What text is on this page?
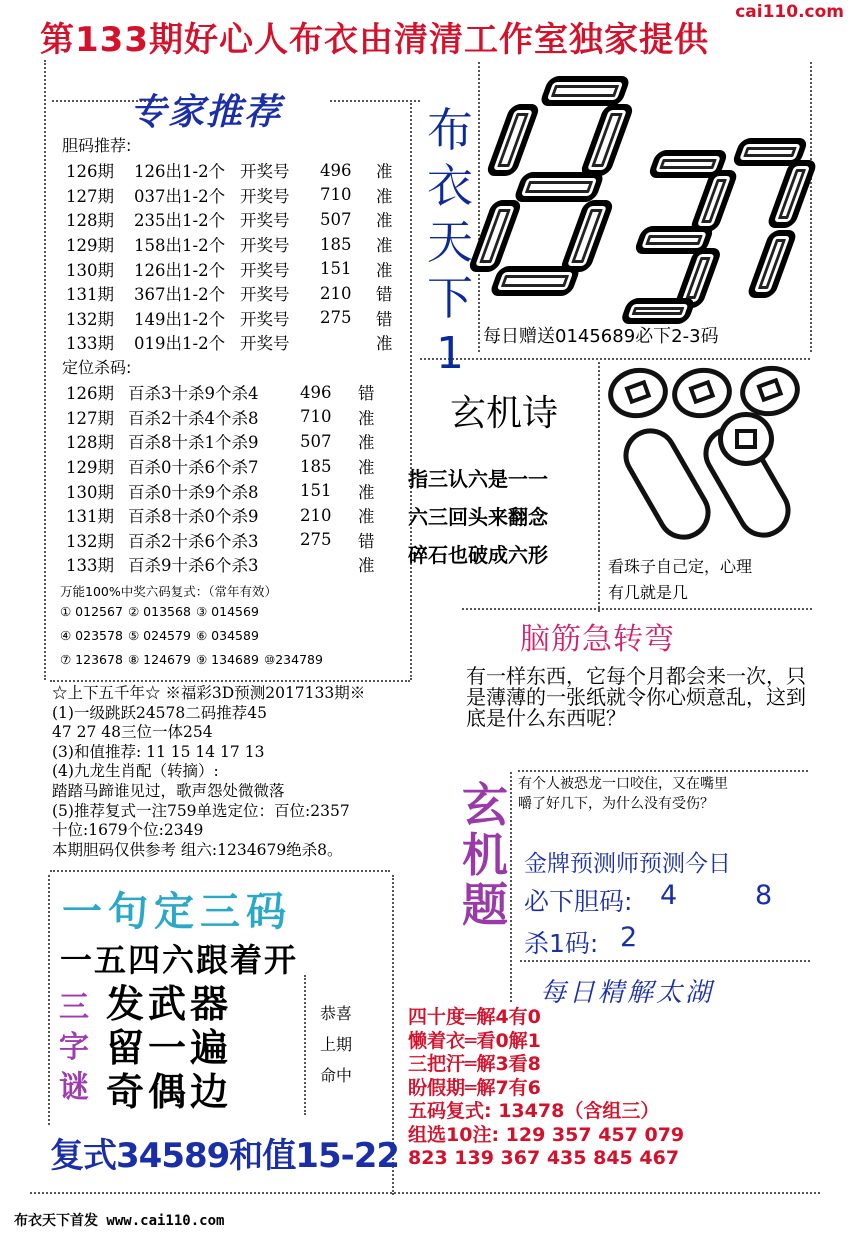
cai110.com
第133期好心人布衣由清清工作室独家提供
专家推荐
胆码推荐:
126期	126出1-2个	开奖号	496	准
127期	037出1-2个	开奖号	710	准
128期	235出1-2个	开奖号	507	准
129期	158出1-2个	开奖号	185	准
130期	126出1-2个	开奖号	151	准
131期	367出1-2个	开奖号	210	错
132期	149出1-2个	开奖号	275	错
133期	019出1-2个	开奖号		准
定位杀码:
126期	百杀3十杀9个杀4	496	错
127期	百杀2十杀4个杀8	710	准
128期	百杀8十杀1个杀9	507	准
129期	百杀0十杀6个杀7	185	准
130期	百杀0十杀9个杀8	151	准
131期	百杀8十杀0个杀9	210	准
132期	百杀2十杀6个杀3	275	错
133期	百杀9十杀6个杀3		准
万能100%中奖六码复式：（常年有效）
① 012567 ② 013568 ③ 014569
④ 023578 ⑤ 024579 ⑥ 034589
⑦ 123678 ⑧ 124679 ⑨ 134689 ⑩234789
☆上下五千年☆ ※福彩3D预测2017133期※
(1)一级跳跃24578二码推荐45
47 27 48三位一体254
(3)和值推荐: 11 15 14 17 13
(4)九龙生肖配（转摘）:
踏踏马蹄谁见过，歌声怨处微微落
(5)推荐复式一注759单选定位：百位:2357
十位:1679个位:2349
本期胆码仅供参考 组六:1234679绝杀8。
布
衣
天
下
1	每日赠送0145689必下2-3码
玄机诗
指三认六是一一
六三回头来翻念
碎石也破成六形	看珠子自己定，心理
有几就是几
脑筋急转弯
有一样东西，它每个月都会来一次，只是薄薄的一张纸就令你心烦意乱，这到底是什么东西呢？
玄
机
题
有个人被恐龙一口咬住，又在嘴里
嚼了好几下，为什么没有受伤？
金牌预测师预测今日
必下胆码: 4	8
杀1码: 2
每日精解太湖
四十度═解4有0
懒着衣═看0解1
三把汗═解3看8
盼假期═解7有6
五码复式: 13478（含组三）
组选10注: 129 357 457 079
823 139 367 435 845 467
一句定三码
一五四六跟着开
三
字
谜
发武器
留一遍
奇偶边
恭喜
上期
命中
复式34589和值15-22
布衣天下首发 www.cai110.com
